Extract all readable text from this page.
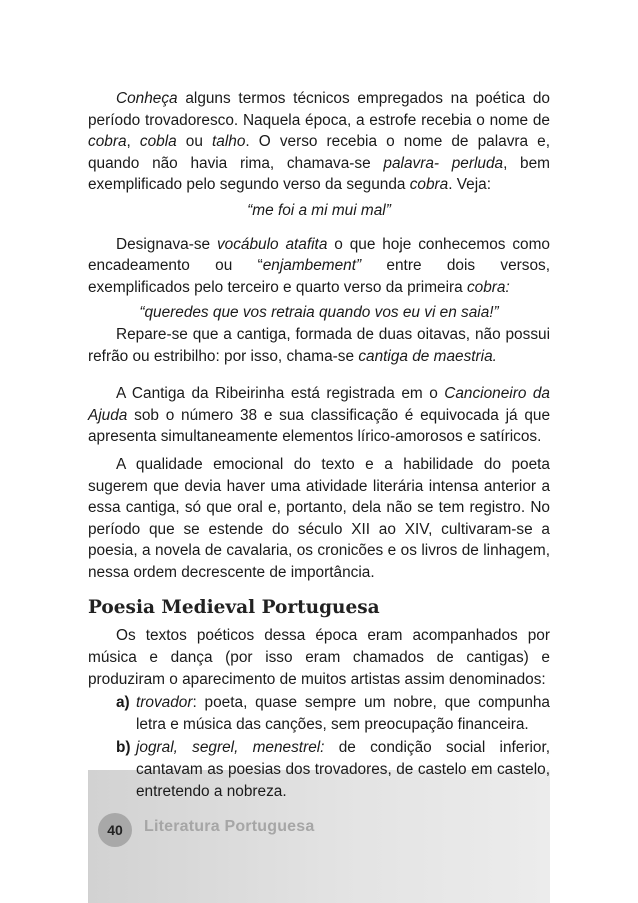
Conheça alguns termos técnicos empregados na poética do período trovadoresco. Naquela época, a estrofe recebia o nome de cobra, cobla ou talho. O verso recebia o nome de palavra e, quando não havia rima, chamava-se palavra- perluda, bem exemplificado pelo segundo verso da segunda cobra. Veja:

“me foi a mi mui mal”

Designava-se vocábulo atafita o que hoje conhecemos como encadeamento ou “enjambement” entre dois versos, exemplificados pelo terceiro e quarto verso da primeira cobra:

“queredes que vos retraia quando vos eu vi en saia!”

Repare-se que a cantiga, formada de duas oitavas, não possui refrão ou estribilho: por isso, chama-se cantiga de maestria.

A Cantiga da Ribeirinha está registrada em o Cancioneiro da Ajuda sob o número 38 e sua classificação é equivocada já que apresenta simultaneamente elementos lírico-amorosos e satíricos.

A qualidade emocional do texto e a habilidade do poeta sugerem que devia haver uma atividade literária intensa anterior a essa cantiga, só que oral e, portanto, dela não se tem registro. No período que se estende do século XII ao XIV, cultivaram-se a poesia, a novela de cavalaria, os cronicões e os livros de linhagem, nessa ordem decrescente de importância.

Poesia Medieval Portuguesa

Os textos poéticos dessa época eram acompanhados por música e dança (por isso eram chamados de cantigas) e produziram o aparecimento de muitos artistas assim denominados:

a) trovador: poeta, quase sempre um nobre, que compunha letra e música das canções, sem preocupação financeira.
b) jogral, segrel, menestrel: de condição social inferior, cantavam as poesias dos trovadores, de castelo em castelo, entretendo a nobreza.
40	Literatura Portuguesa
